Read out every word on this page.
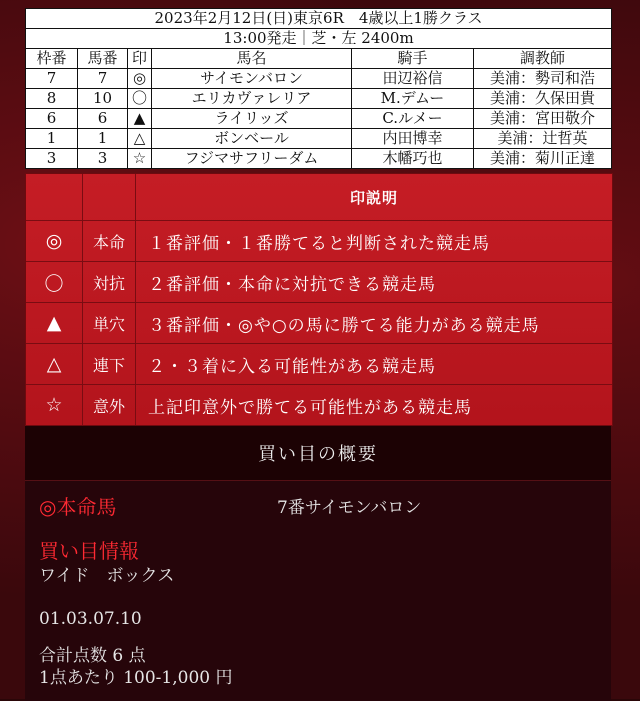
2023年2月12日(日)東京6R　4歳以上1勝クラス					
13:00発走｜芝・左 2400m					
枠番	馬番	印	馬名	騎手	調教師
7	7	◎	サイモンバロン	田辺裕信	美浦：勢司和浩
8	10	〇	エリカヴァレリア	M.デムー	美浦：久保田貴
6	6	▲	ライリッズ	C.ルメー	美浦：宮田敬介
1	1	△	ボンベール	内田博幸	美浦：辻哲英
3	3	☆	フジマサフリーダム	木幡巧也	美浦：菊川正達
印説明
◎	本命	１番評価・１番勝てると判断された競走馬
〇	対抗	２番評価・本命に対抗できる競走馬
▲	単穴	３番評価・◎や○の馬に勝てる能力がある競走馬
△	連下	２・３着に入る可能性がある競走馬
☆	意外	上記印意外で勝てる可能性がある競走馬
買い目の概要
◎本命馬	7番サイモンバロン
買い目情報
ワイド　ボックス
01.03.07.10
合計点数 6 点
1点あたり 100-1,000 円
